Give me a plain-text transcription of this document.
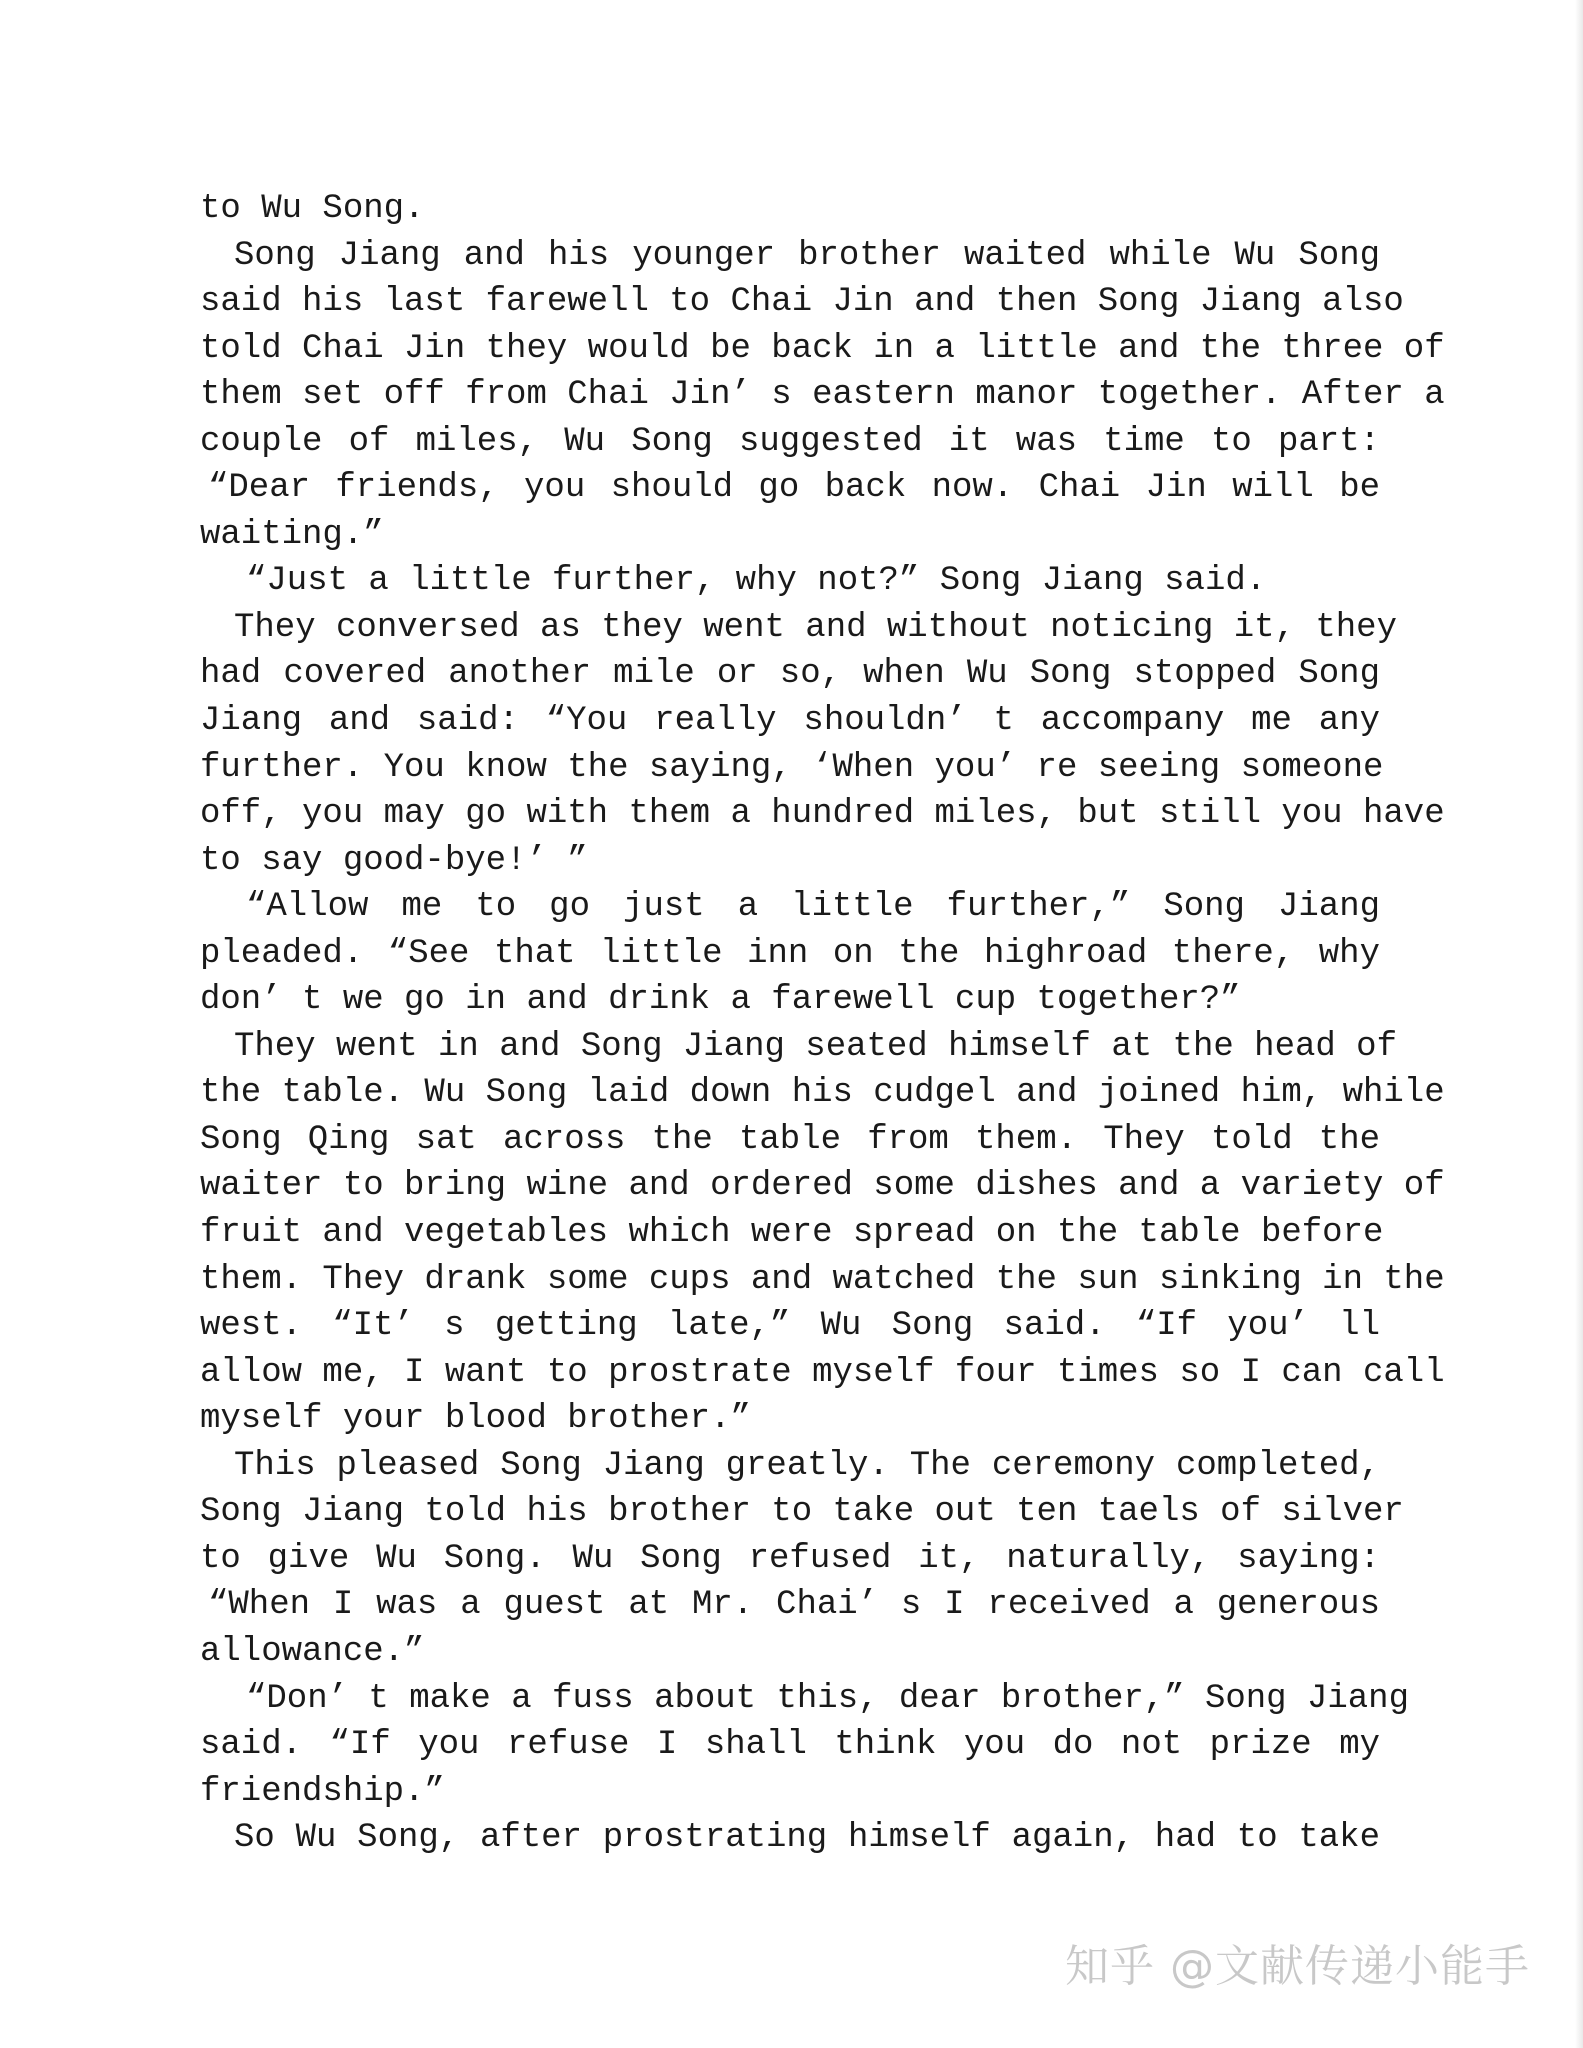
to Wu Song.
Song Jiang and his younger brother waited while Wu Song
said his last farewell to Chai Jin and then Song Jiang also
told Chai Jin they would be back in a little and the three of
them set off from Chai Jin’ s eastern manor together. After a
couple of miles, Wu Song suggested it was time to part:
“Dear friends, you should go back now. Chai Jin will be
waiting.”
“Just a little further, why not?” Song Jiang said.
They conversed as they went and without noticing it, they
had covered another mile or so, when Wu Song stopped Song
Jiang and said: “You really shouldn’ t accompany me any
further. You know the saying, ‘When you’ re seeing someone
off, you may go with them a hundred miles, but still you have
to say good-bye!’ ”
“Allow me to go just a little further,” Song Jiang
pleaded. “See that little inn on the highroad there, why
don’ t we go in and drink a farewell cup together?”
They went in and Song Jiang seated himself at the head of
the table. Wu Song laid down his cudgel and joined him, while
Song Qing sat across the table from them. They told the
waiter to bring wine and ordered some dishes and a variety of
fruit and vegetables which were spread on the table before
them. They drank some cups and watched the sun sinking in the
west. “It’ s getting late,” Wu Song said. “If you’ ll
allow me, I want to prostrate myself four times so I can call
myself your blood brother.”
This pleased Song Jiang greatly. The ceremony completed,
Song Jiang told his brother to take out ten taels of silver
to give Wu Song. Wu Song refused it, naturally, saying:
“When I was a guest at Mr. Chai’ s I received a generous
allowance.”
“Don’ t make a fuss about this, dear brother,” Song Jiang
said. “If you refuse I shall think you do not prize my
friendship.”
So Wu Song, after prostrating himself again, had to take
知乎 @文献传递小能手
